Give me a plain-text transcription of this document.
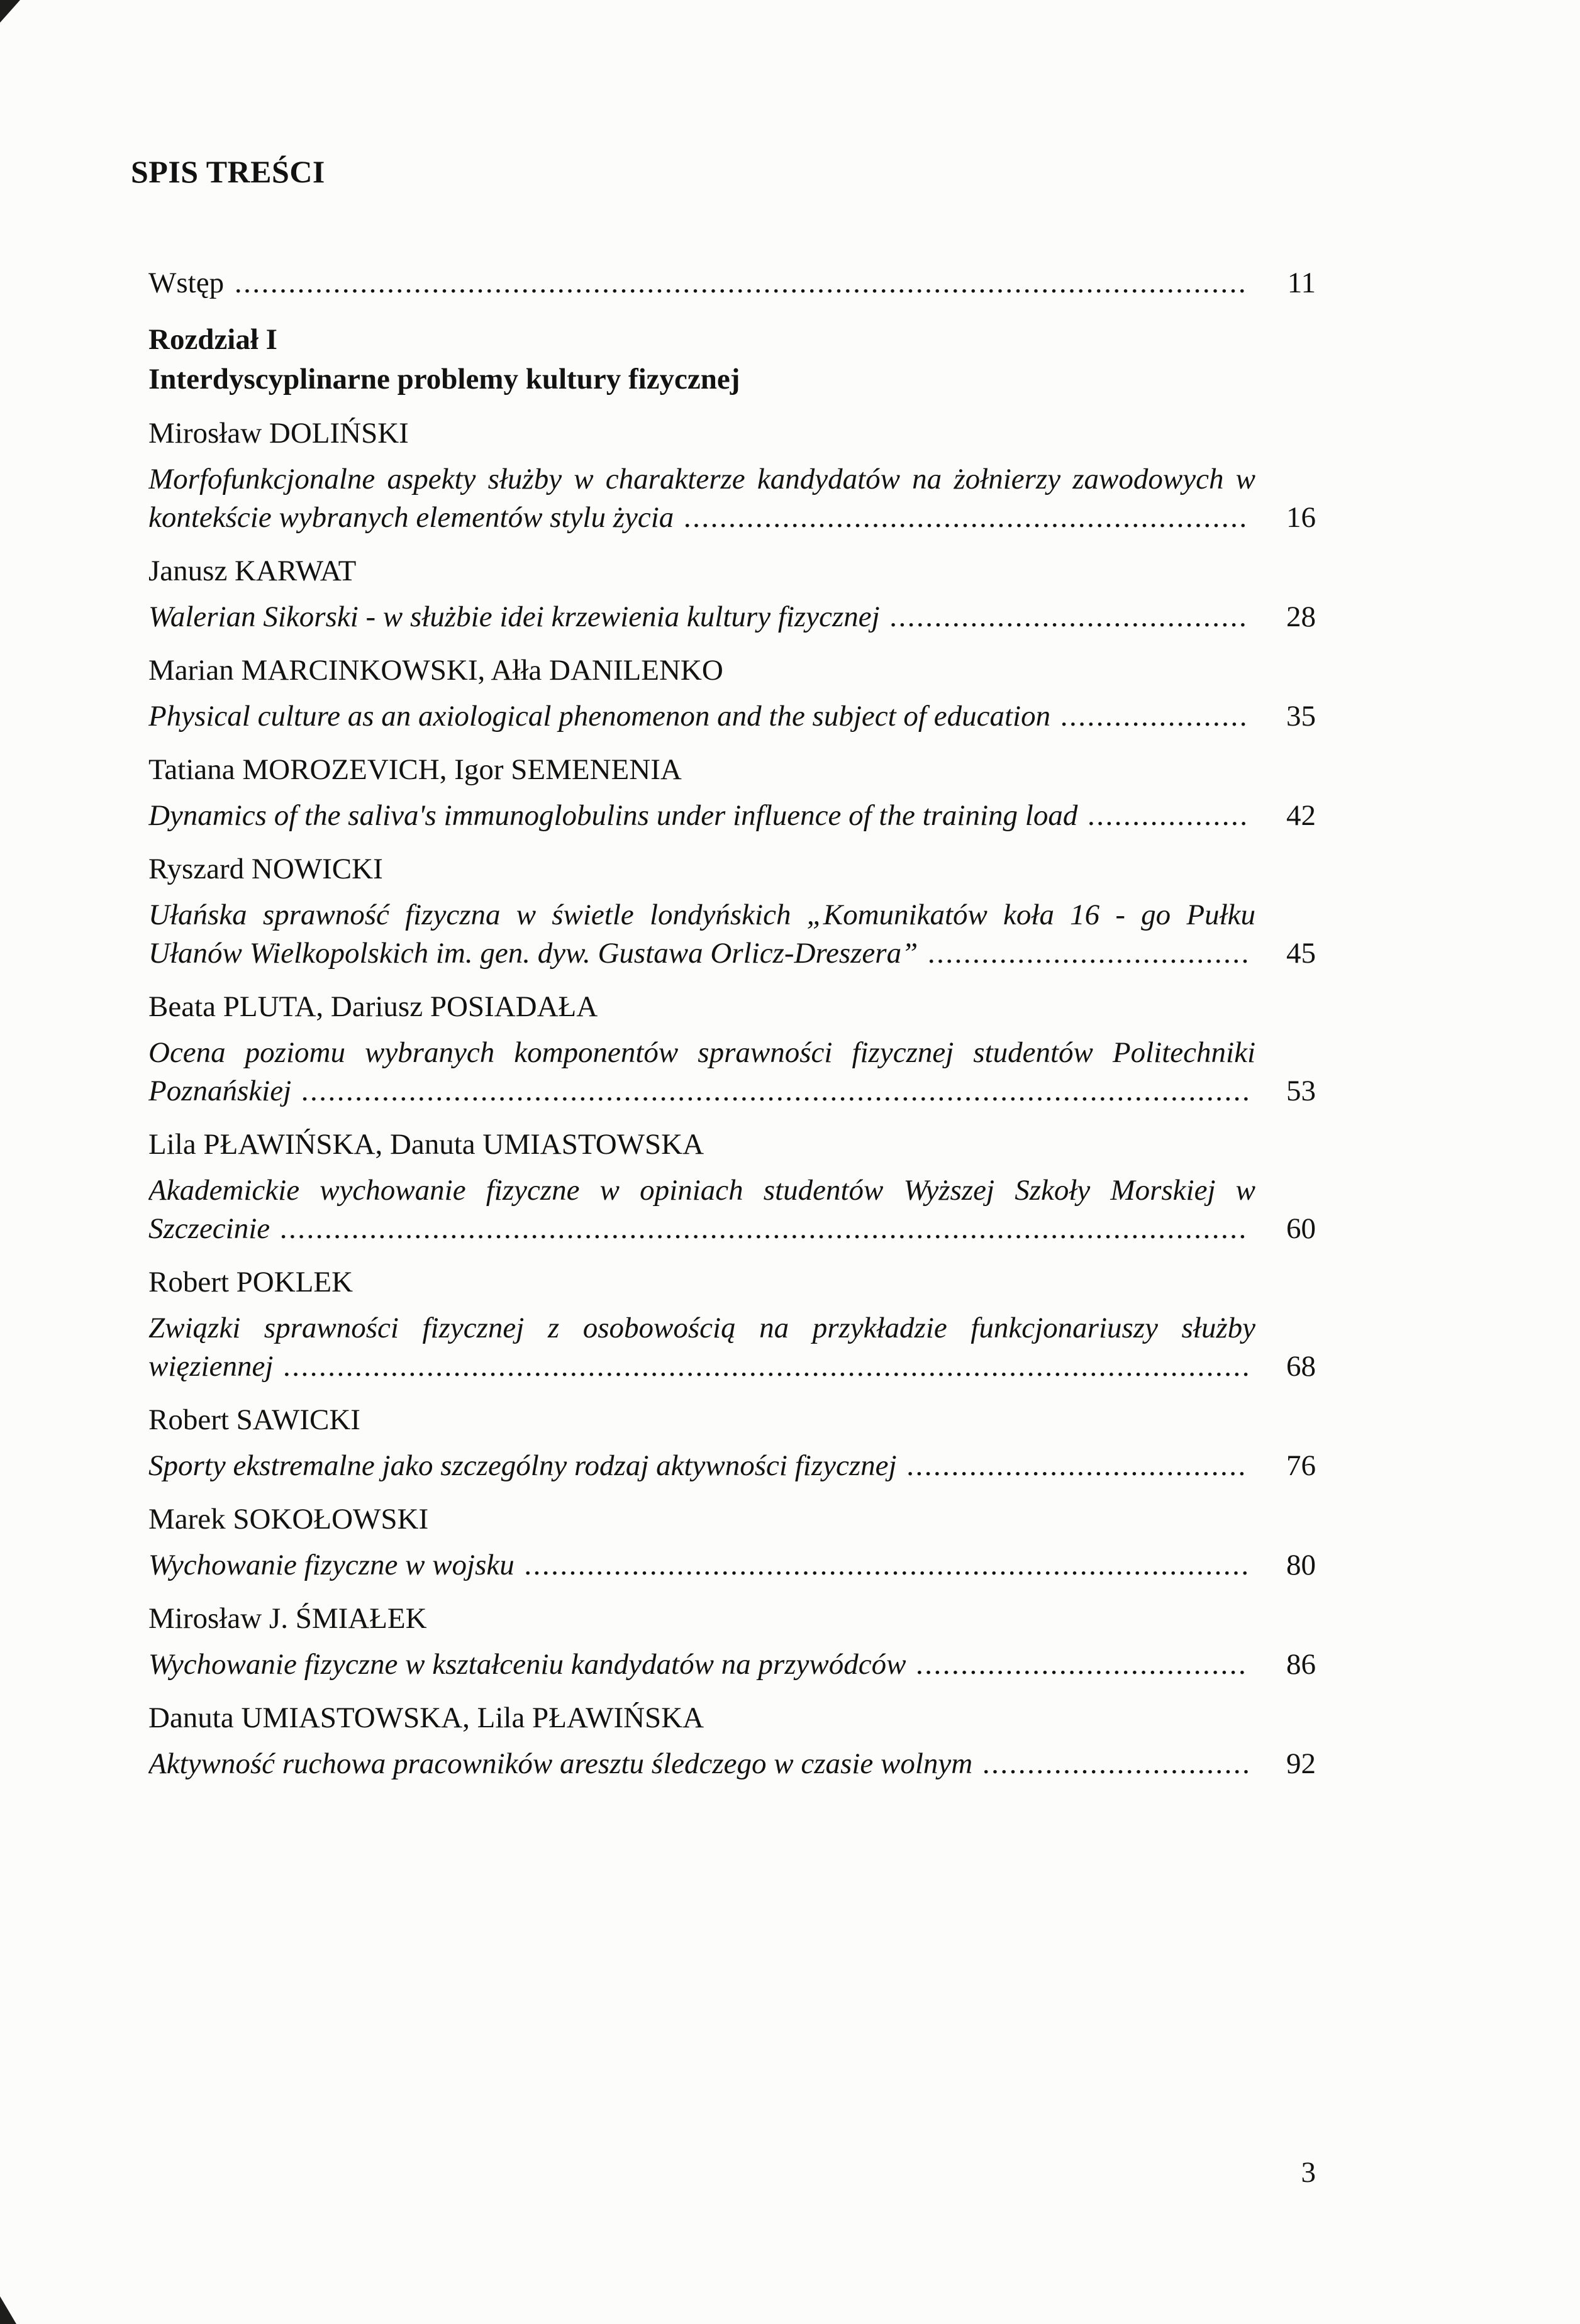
SPIS TREŚCI
Wstęp .................................................................................................................	11
Rozdział I
Interdyscyplinarne problemy kultury fizycznej
Mirosław DOLIŃSKI
Morfofunkcjonalne aspekty służby w charakterze kandydatów na żołnierzy zawodowych w kontekście wybranych elementów stylu życia ...............................................................	16
Janusz KARWAT
Walerian Sikorski - w służbie idei krzewienia kultury fizycznej ........................................	28
Marian MARCINKOWSKI, Ałła DANILENKO
Physical culture as an axiological phenomenon and the subject of education .....................	35
Tatiana MOROZEVICH, Igor SEMENENIA
Dynamics of the saliva's immunoglobulins under influence of the training load ..................	42
Ryszard NOWICKI
Ułańska sprawność fizyczna w świetle londyńskich „Komunikatów koła 16 - go Pułku Ułanów Wielkopolskich im. gen. dyw. Gustawa Orlicz-Dreszera” ....................................	45
Beata PLUTA, Dariusz POSIADAŁA
Ocena poziomu wybranych komponentów sprawności fizycznej studentów Politechniki Poznańskiej ..........................................................................................................	53
Lila PŁAWIŃSKA, Danuta UMIASTOWSKA
Akademickie wychowanie fizyczne w opiniach studentów Wyższej Szkoły Morskiej w Szczecinie ............................................................................................................	60
Robert POKLEK
Związki sprawności fizycznej z osobowością na przykładzie funkcjonariuszy służby więziennej ............................................................................................................	68
Robert SAWICKI
Sporty ekstremalne jako szczególny rodzaj aktywności fizycznej ......................................	76
Marek SOKOŁOWSKI
Wychowanie fizyczne w wojsku .................................................................................	80
Mirosław J. ŚMIAŁEK
Wychowanie fizyczne w kształceniu kandydatów na przywódców .....................................	86
Danuta UMIASTOWSKA, Lila PŁAWIŃSKA
Aktywność ruchowa pracowników aresztu śledczego w czasie wolnym ..............................	92
3
